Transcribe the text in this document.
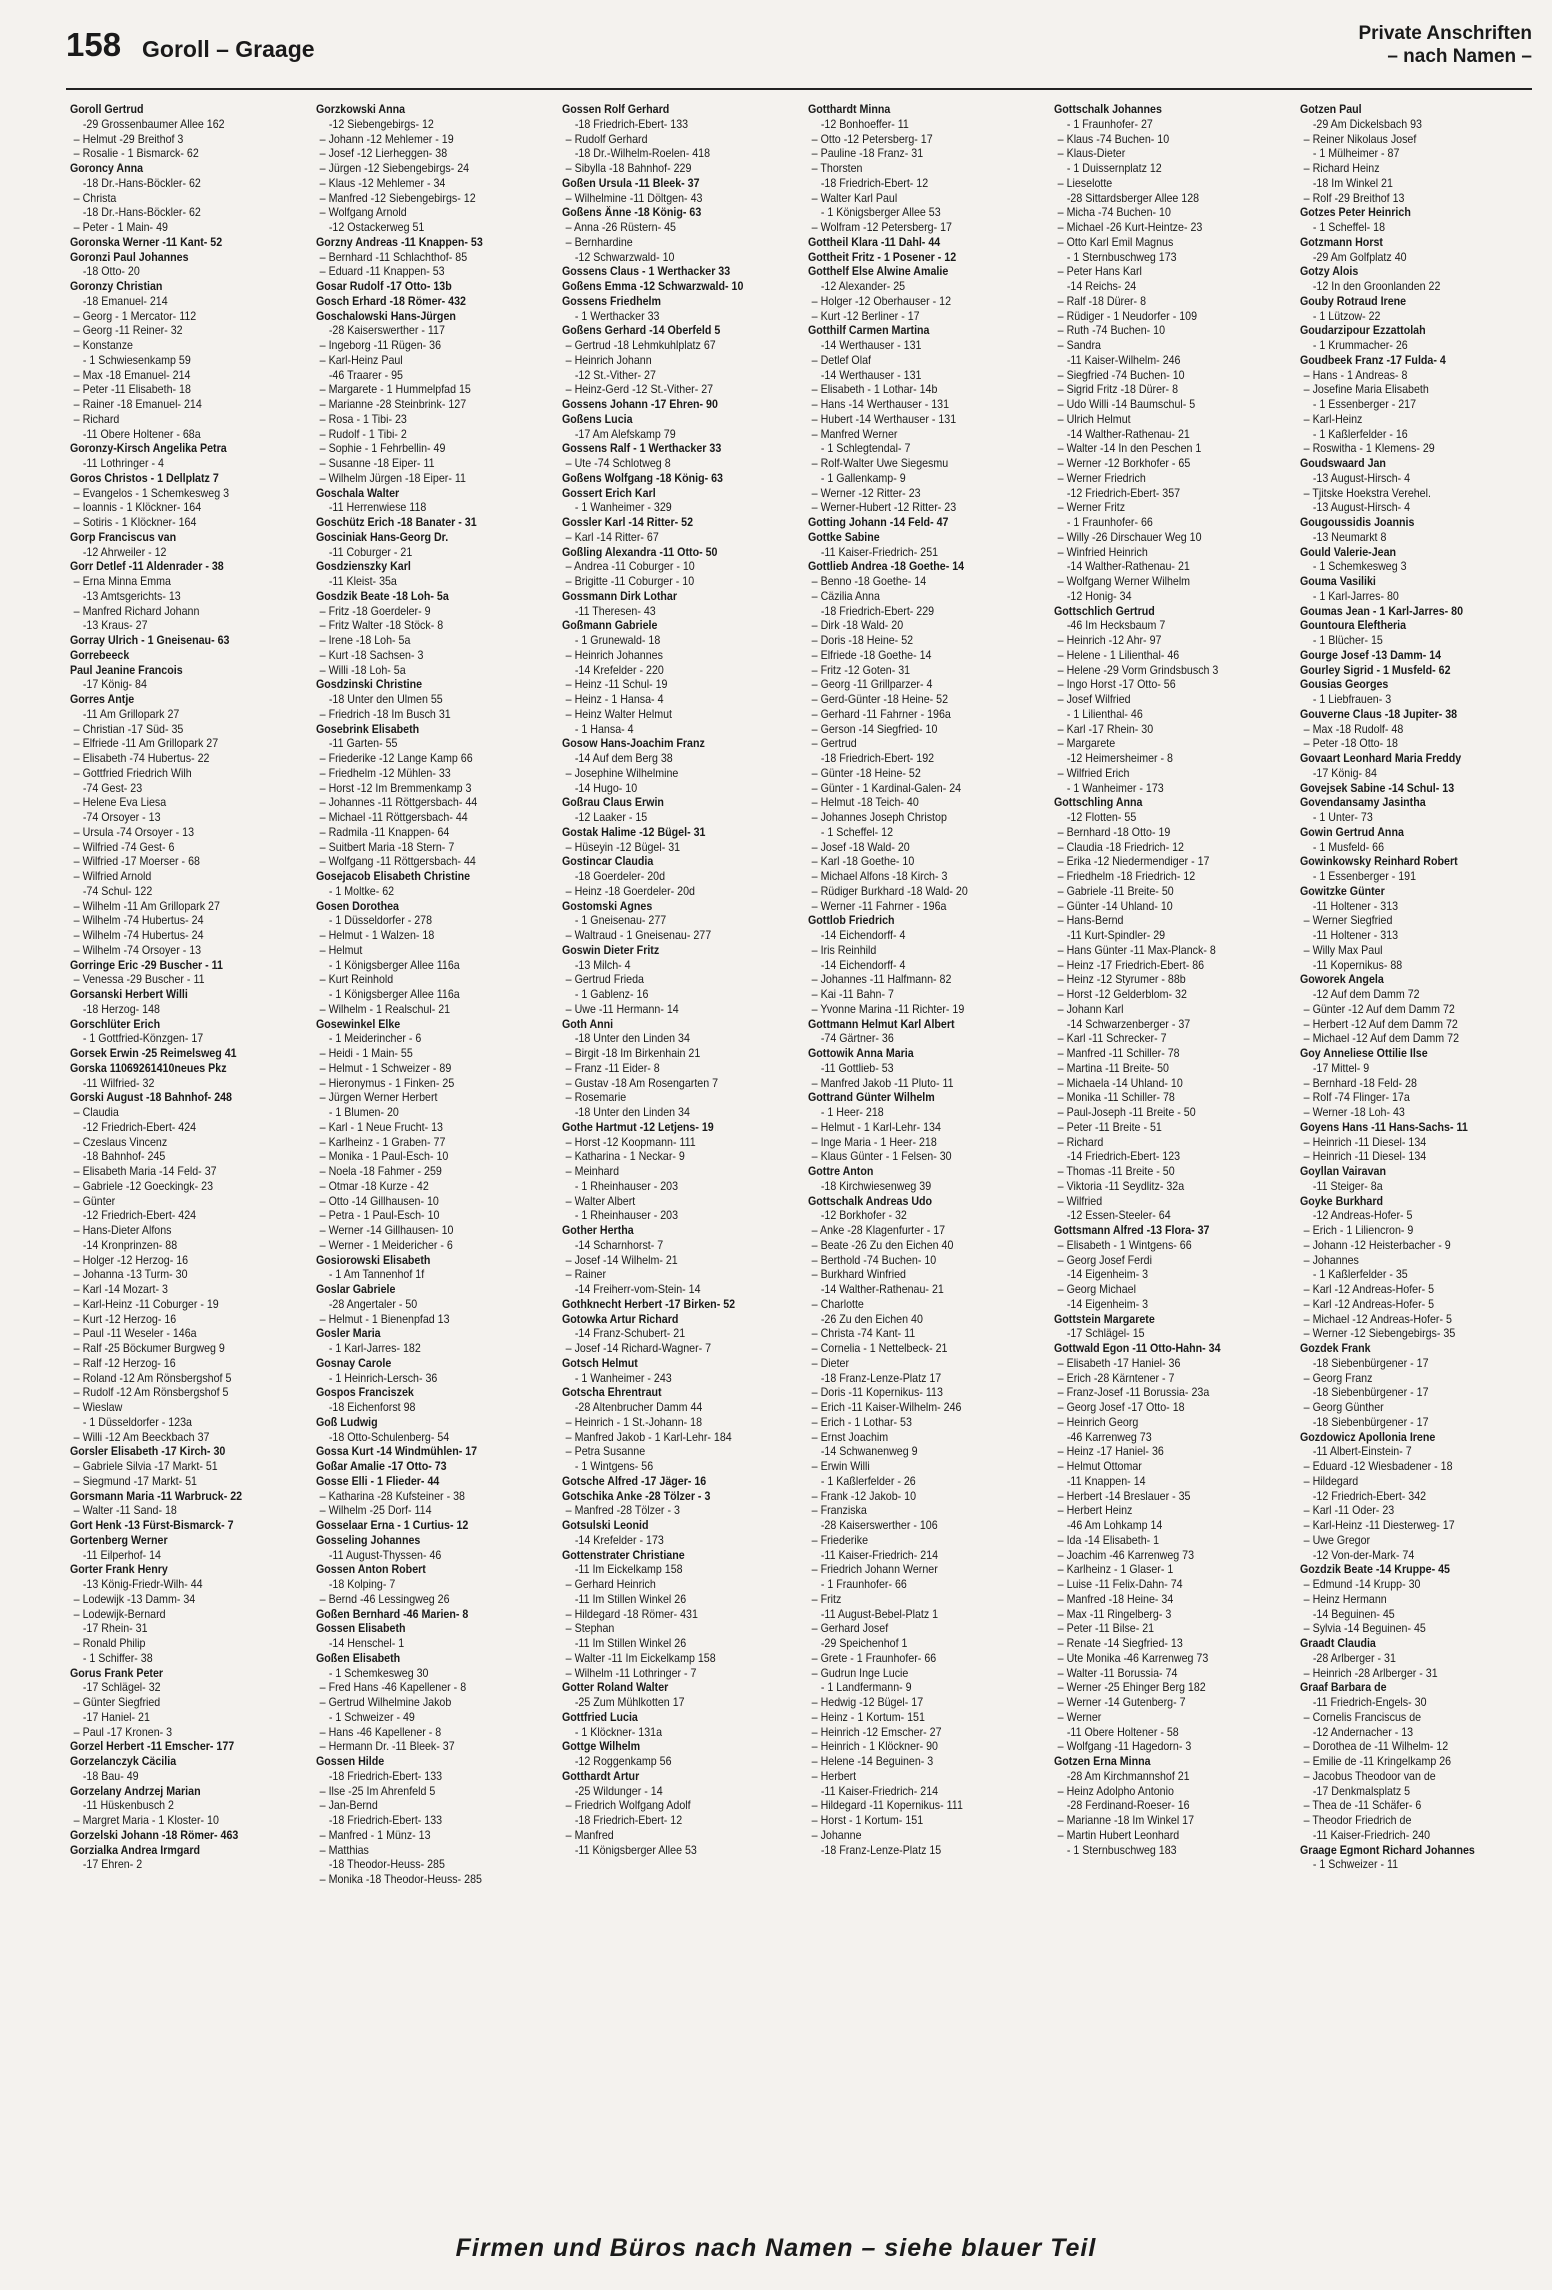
158 Goroll – Graage
Private Anschriften
– nach Namen –
Goroll Gertrud
-29 Grossenbaumer Allee 162
– Helmut -29 Breithof 3
– Rosalie - 1 Bismarck- 62
Goroncy Anna
-18 Dr.-Hans-Böckler- 62
– Christa
-18 Dr.-Hans-Böckler- 62
– Peter - 1 Main- 49
Goronska Werner -11 Kant- 52
Goronzi Paul Johannes
-18 Otto- 20
Goronzy Christian
-18 Emanuel- 214
– Georg - 1 Mercator- 112
– Georg -11 Reiner- 32
– Konstanze
- 1 Schwiesenkamp 59
– Max -18 Emanuel- 214
– Peter -11 Elisabeth- 18
– Rainer -18 Emanuel- 214
– Richard
-11 Obere Holtener - 68a
Goronzy-Kirsch Angelika Petra
-11 Lothringer - 4
Goros Christos - 1 Dellplatz 7
– Evangelos - 1 Schemkesweg 3
– Ioannis - 1 Klöckner- 164
– Sotiris - 1 Klöckner- 164
Gorp Franciscus van
-12 Ahrweiler - 12
Gorr Detlef -11 Aldenrader - 38
– Erna Minna Emma
-13 Amtsgerichts- 13
– Manfred Richard Johann
-13 Kraus- 27
Gorray Ulrich - 1 Gneisenau- 63
Gorrebeeck
Paul Jeanine Francois
-17 König- 84
Gorres Antje
-11 Am Grillopark 27
– Christian -17 Süd- 35
– Elfriede -11 Am Grillopark 27
– Elisabeth -74 Hubertus- 22
– Gottfried Friedrich Wilh
-74 Gest- 23
– Helene Eva Liesa
-74 Orsoyer - 13
– Ursula -74 Orsoyer - 13
– Wilfried -74 Gest- 6
– Wilfried -17 Moerser - 68
– Wilfried Arnold
-74 Schul- 122
– Wilhelm -11 Am Grillopark 27
– Wilhelm -74 Hubertus- 24
– Wilhelm -74 Hubertus- 24
– Wilhelm -74 Orsoyer - 13
Gorringe Eric -29 Buscher - 11
– Venessa -29 Buscher - 11
Gorsanski Herbert Willi
-18 Herzog- 148
Gorschlüter Erich
- 1 Gottfried-Könzgen- 17
Gorsek Erwin -25 Reimelsweg 41
Gorska 11069261410neues Pkz
-11 Wilfried- 32
Gorski August -18 Bahnhof- 248
– Claudia
-12 Friedrich-Ebert- 424
– Czeslaus Vincenz
-18 Bahnhof- 245
– Elisabeth Maria -14 Feld- 37
– Gabriele -12 Goeckingk- 23
– Günter
-12 Friedrich-Ebert- 424
– Hans-Dieter Alfons
-14 Kronprinzen- 88
– Holger -12 Herzog- 16
– Johanna -13 Turm- 30
– Karl -14 Mozart- 3
– Karl-Heinz -11 Coburger - 19
– Kurt -12 Herzog- 16
– Paul -11 Weseler - 146a
– Ralf -25 Böckumer Burgweg 9
– Ralf -12 Herzog- 16
– Roland -12 Am Rönsbergshof 5
– Rudolf -12 Am Rönsbergshof 5
– Wieslaw
- 1 Düsseldorfer - 123a
– Willi -12 Am Beeckbach 37
Gorsler Elisabeth -17 Kirch- 30
– Gabriele Silvia -17 Markt- 51
– Siegmund -17 Markt- 51
Gorsmann Maria -11 Warbruck- 22
– Walter -11 Sand- 18
Gort Henk -13 Fürst-Bismarck- 7
Gortenberg Werner
-11 Eilperhof- 14
Gorter Frank Henry
-13 König-Friedr-Wilh- 44
– Lodewijk -13 Damm- 34
– Lodewijk-Bernard
-17 Rhein- 31
– Ronald Philip
- 1 Schiffer- 38
Gorus Frank Peter
-17 Schlägel- 32
– Günter Siegfried
-17 Haniel- 21
– Paul -17 Kronen- 3
Gorzel Herbert -11 Emscher- 177
Gorzelanczyk Cäcilia
-18 Bau- 49
Gorzelany Andrzej Marian
-11 Hüskenbusch 2
– Margret Maria - 1 Kloster- 10
Gorzelski Johann -18 Römer- 463
Gorzialka Andrea Irmgard
-17 Ehren- 2
Gorzkowski Anna
-12 Siebengebirgs- 12
– Johann -12 Mehlemer - 19
– Josef -12 Lierheggen- 38
– Jürgen -12 Siebengebirgs- 24
– Klaus -12 Mehlemer - 34
– Manfred -12 Siebengebirgs- 12
– Wolfgang Arnold
-12 Ostackerweg 51
Gorzny Andreas -11 Knappen- 53
– Bernhard -11 Schlachthof- 85
– Eduard -11 Knappen- 53
Gosar Rudolf -17 Otto- 13b
Gosch Erhard -18 Römer- 432
Goschalowski Hans-Jürgen
-28 Kaiserswerther - 117
– Ingeborg -11 Rügen- 36
– Karl-Heinz Paul
-46 Traarer - 95
– Margarete - 1 Hummelpfad 15
– Marianne -28 Steinbrink- 127
– Rosa - 1 Tibi- 23
– Rudolf - 1 Tibi- 2
– Sophie - 1 Fehrbellin- 49
– Susanne -18 Eiper- 11
– Wilhelm Jürgen -18 Eiper- 11
Goschala Walter
-11 Herrenwiese 118
Goschütz Erich -18 Banater - 31
Gosciniak Hans-Georg Dr.
-11 Coburger - 21
Gosdzienszky Karl
-11 Kleist- 35a
Gosdzik Beate -18 Loh- 5a
– Fritz -18 Goerdeler- 9
– Fritz Walter -18 Stöck- 8
– Irene -18 Loh- 5a
– Kurt -18 Sachsen- 3
– Willi -18 Loh- 5a
Gosdzinski Christine
-18 Unter den Ulmen 55
– Friedrich -18 Im Busch 31
Gosebrink Elisabeth
-11 Garten- 55
– Friederike -12 Lange Kamp 66
– Friedhelm -12 Mühlen- 33
– Horst -12 Im Bremmenkamp 3
– Johannes -11 Röttgersbach- 44
– Michael -11 Röttgersbach- 44
– Radmila -11 Knappen- 64
– Suitbert Maria -18 Stern- 7
– Wolfgang -11 Röttgersbach- 44
Gosejacob Elisabeth Christine
- 1 Moltke- 62
Gosen Dorothea
- 1 Düsseldorfer - 278
– Helmut - 1 Walzen- 18
– Helmut
- 1 Königsberger Allee 116a
– Kurt Reinhold
- 1 Königsberger Allee 116a
– Wilhelm - 1 Realschul- 21
Gosewinkel Elke
- 1 Meiderincher - 6
– Heidi - 1 Main- 55
– Helmut - 1 Schweizer - 89
– Hieronymus - 1 Finken- 25
– Jürgen Werner Herbert
- 1 Blumen- 20
– Karl - 1 Neue Frucht- 13
– Karlheinz - 1 Graben- 77
– Monika - 1 Paul-Esch- 10
– Noela -18 Fahmer - 259
– Otmar -18 Kurze - 42
– Otto -14 Gillhausen- 10
– Petra - 1 Paul-Esch- 10
– Werner -14 Gillhausen- 10
– Werner - 1 Meidericher - 6
Gosiorowski Elisabeth
- 1 Am Tannenhof 1f
Goslar Gabriele
-28 Angertaler - 50
– Helmut - 1 Bienenpfad 13
Gosler Maria
- 1 Karl-Jarres- 182
Gosnay Carole
- 1 Heinrich-Lersch- 36
Gospos Franciszek
-18 Eichenforst 98
Goß Ludwig
-18 Otto-Schulenberg- 54
Gossa Kurt -14 Windmühlen- 17
Goßar Amalie -17 Otto- 73
Gosse Elli - 1 Flieder- 44
– Katharina -28 Kufsteiner - 38
– Wilhelm -25 Dorf- 114
Gosselaar Erna - 1 Curtius- 12
Gosseling Johannes
-11 August-Thyssen- 46
Gossen Anton Robert
-18 Kolping- 7
– Bernd -46 Lessingweg 26
Goßen Bernhard -46 Marien- 8
Gossen Elisabeth
-14 Henschel- 1
Goßen Elisabeth
- 1 Schemkesweg 30
– Fred Hans -46 Kapellener - 8
– Gertrud Wilhelmine Jakob
- 1 Schweizer - 49
– Hans -46 Kapellener - 8
– Hermann Dr. -11 Bleek- 37
Gossen Hilde
-18 Friedrich-Ebert- 133
– Ilse -25 Im Ahrenfeld 5
– Jan-Bernd
-18 Friedrich-Ebert- 133
– Manfred - 1 Münz- 13
– Matthias
-18 Theodor-Heuss- 285
– Monika -18 Theodor-Heuss- 285
Gossen Rolf Gerhard
-18 Friedrich-Ebert- 133
– Rudolf Gerhard
-18 Dr.-Wilhelm-Roelen- 418
– Sibylla -18 Bahnhof- 229
Goßen Ursula -11 Bleek- 37
– Wilhelmine -11 Döltgen- 43
Goßens Änne -18 König- 63
– Anna -26 Rüstern- 45
– Bernhardine
-12 Schwarzwald- 10
Gossens Claus - 1 Werthacker 33
Goßens Emma -12 Schwarzwald- 10
Gossens Friedhelm
- 1 Werthacker 33
Goßens Gerhard -14 Oberfeld 5
– Gertrud -18 Lehmkuhlplatz 67
– Heinrich Johann
-12 St.-Vither- 27
– Heinz-Gerd -12 St.-Vither- 27
Gossens Johann -17 Ehren- 90
Goßens Lucia
-17 Am Alefskamp 79
Gossens Ralf - 1 Werthacker 33
– Ute -74 Schlotweg 8
Goßens Wolfgang -18 König- 63
Gossert Erich Karl
- 1 Wanheimer - 329
Gossler Karl -14 Ritter- 52
– Karl -14 Ritter- 67
Goßling Alexandra -11 Otto- 50
– Andrea -11 Coburger - 10
– Brigitte -11 Coburger - 10
Gossmann Dirk Lothar
-11 Theresen- 43
Goßmann Gabriele
- 1 Grunewald- 18
– Heinrich Johannes
-14 Krefelder - 220
– Heinz -11 Schul- 19
– Heinz - 1 Hansa- 4
– Heinz Walter Helmut
- 1 Hansa- 4
Gosow Hans-Joachim Franz
-14 Auf dem Berg 38
– Josephine Wilhelmine
-14 Hugo- 10
Goßrau Claus Erwin
-12 Laaker - 15
Gostak Halime -12 Bügel- 31
– Hüseyin -12 Bügel- 31
Gostincar Claudia
-18 Goerdeler- 20d
– Heinz -18 Goerdeler- 20d
Gostomski Agnes
- 1 Gneisenau- 277
– Waltraud - 1 Gneisenau- 277
Goswin Dieter Fritz
-13 Milch- 4
– Gertrud Frieda
- 1 Gablenz- 16
– Uwe -11 Hermann- 14
Goth Anni
-18 Unter den Linden 34
– Birgit -18 Im Birkenhain 21
– Franz -11 Eider- 8
– Gustav -18 Am Rosengarten 7
– Rosemarie
-18 Unter den Linden 34
Gothe Hartmut -12 Letjens- 19
– Horst -12 Koopmann- 111
– Katharina - 1 Neckar- 9
– Meinhard
- 1 Rheinhauser - 203
– Walter Albert
- 1 Rheinhauser - 203
Gother Hertha
-14 Scharnhorst- 7
– Josef -14 Wilhelm- 21
– Rainer
-14 Freiherr-vom-Stein- 14
Gothknecht Herbert -17 Birken- 52
Gotowka Artur Richard
-14 Franz-Schubert- 21
– Josef -14 Richard-Wagner- 7
Gotsch Helmut
- 1 Wanheimer - 243
Gotscha Ehrentraut
-28 Altenbrucher Damm 44
– Heinrich - 1 St.-Johann- 18
– Manfred Jakob - 1 Karl-Lehr- 184
– Petra Susanne
- 1 Wintgens- 56
Gotsche Alfred -17 Jäger- 16
Gotschika Anke -28 Tölzer - 3
– Manfred -28 Tölzer - 3
Gotsulski Leonid
-14 Krefelder - 173
Gottenstrater Christiane
-11 Im Eickelkamp 158
– Gerhard Heinrich
-11 Im Stillen Winkel 26
– Hildegard -18 Römer- 431
– Stephan
-11 Im Stillen Winkel 26
– Walter -11 Im Eickelkamp 158
– Wilhelm -11 Lothringer - 7
Gotter Roland Walter
-25 Zum Mühlkotten 17
Gottfried Lucia
- 1 Klöckner- 131a
Gottge Wilhelm
-12 Roggenkamp 56
Gotthardt Artur
-25 Wildunger - 14
– Friedrich Wolfgang Adolf
-18 Friedrich-Ebert- 12
– Manfred
-11 Königsberger Allee 53
Gotthardt Minna
-12 Bonhoeffer- 11
– Otto -12 Petersberg- 17
– Pauline -18 Franz- 31
– Thorsten
-18 Friedrich-Ebert- 12
– Walter Karl Paul
- 1 Königsberger Allee 53
– Wolfram -12 Petersberg- 17
Gottheil Klara -11 Dahl- 44
Gottheit Fritz - 1 Posener - 12
Gotthelf Else Alwine Amalie
-12 Alexander- 25
– Holger -12 Oberhauser - 12
– Kurt -12 Berliner - 17
Gotthilf Carmen Martina
-14 Werthauser - 131
– Detlef Olaf
-14 Werthauser - 131
– Elisabeth - 1 Lothar- 14b
– Hans -14 Werthauser - 131
– Hubert -14 Werthauser - 131
– Manfred Werner
- 1 Schlegtendal- 7
– Rolf-Walter Uwe Siegesmu
- 1 Gallenkamp- 9
– Werner -12 Ritter- 23
– Werner-Hubert -12 Ritter- 23
Gotting Johann -14 Feld- 47
Gottke Sabine
-11 Kaiser-Friedrich- 251
Gottlieb Andrea -18 Goethe- 14
– Benno -18 Goethe- 14
– Cäzilia Anna
-18 Friedrich-Ebert- 229
– Dirk -18 Wald- 20
– Doris -18 Heine- 52
– Elfriede -18 Goethe- 14
– Fritz -12 Goten- 31
– Georg -11 Grillparzer- 4
– Gerd-Günter -18 Heine- 52
– Gerhard -11 Fahrner - 196a
– Gerson -14 Siegfried- 10
– Gertrud
-18 Friedrich-Ebert- 192
– Günter -18 Heine- 52
– Günter - 1 Kardinal-Galen- 24
– Helmut -18 Teich- 40
– Johannes Joseph Christop
- 1 Scheffel- 12
– Josef -18 Wald- 20
– Karl -18 Goethe- 10
– Michael Alfons -18 Kirch- 3
– Rüdiger Burkhard -18 Wald- 20
– Werner -11 Fahrner - 196a
Gottlob Friedrich
-14 Eichendorff- 4
– Iris Reinhild
-14 Eichendorff- 4
– Johannes -11 Halfmann- 82
– Kai -11 Bahn- 7
– Yvonne Marina -11 Richter- 19
Gottmann Helmut Karl Albert
-74 Gärtner- 36
Gottowik Anna Maria
-11 Gottlieb- 53
– Manfred Jakob -11 Pluto- 11
Gottrand Günter Wilhelm
- 1 Heer- 218
– Helmut - 1 Karl-Lehr- 134
– Inge Maria - 1 Heer- 218
– Klaus Günter - 1 Felsen- 30
Gottre Anton
-18 Kirchwiesenweg 39
Gottschalk Andreas Udo
-12 Borkhofer - 32
– Anke -28 Klagenfurter - 17
– Beate -26 Zu den Eichen 40
– Berthold -74 Buchen- 10
– Burkhard Winfried
-14 Walther-Rathenau- 21
– Charlotte
-26 Zu den Eichen 40
– Christa -74 Kant- 11
– Cornelia - 1 Nettelbeck- 21
– Dieter
-18 Franz-Lenze-Platz 17
– Doris -11 Kopernikus- 113
– Erich -11 Kaiser-Wilhelm- 246
– Erich - 1 Lothar- 53
– Ernst Joachim
-14 Schwanenweg 9
– Erwin Willi
- 1 Kaßlerfelder - 26
– Frank -12 Jakob- 10
– Franziska
-28 Kaiserswerther - 106
– Friederike
-11 Kaiser-Friedrich- 214
– Friedrich Johann Werner
- 1 Fraunhofer- 66
– Fritz
-11 August-Bebel-Platz 1
– Gerhard Josef
-29 Speichenhof 1
– Grete - 1 Fraunhofer- 66
– Gudrun Inge Lucie
- 1 Landfermann- 9
– Hedwig -12 Bügel- 17
– Heinz - 1 Kortum- 151
– Heinrich -12 Emscher- 27
– Heinrich - 1 Klöckner- 90
– Helene -14 Beguinen- 3
– Herbert
-11 Kaiser-Friedrich- 214
– Hildegard -11 Kopernikus- 111
– Horst - 1 Kortum- 151
– Johanne
-18 Franz-Lenze-Platz 15
Gottschalk Johannes
- 1 Fraunhofer- 27
– Klaus -74 Buchen- 10
– Klaus-Dieter
- 1 Duissernplatz 12
– Lieselotte
-28 Sittardsberger Allee 128
– Micha -74 Buchen- 10
– Michael -26 Kurt-Heintze- 23
– Otto Karl Emil Magnus
- 1 Sternbuschweg 173
– Peter Hans Karl
-14 Reichs- 24
– Ralf -18 Dürer- 8
– Rüdiger - 1 Neudorfer - 109
– Ruth -74 Buchen- 10
– Sandra
-11 Kaiser-Wilhelm- 246
– Siegfried -74 Buchen- 10
– Sigrid Fritz -18 Dürer- 8
– Udo Willi -14 Baumschul- 5
– Ulrich Helmut
-14 Walther-Rathenau- 21
– Walter -14 In den Peschen 1
– Werner -12 Borkhofer - 65
– Werner Friedrich
-12 Friedrich-Ebert- 357
– Werner Fritz
- 1 Fraunhofer- 66
– Willy -26 Dirschauer Weg 10
– Winfried Heinrich
-14 Walther-Rathenau- 21
– Wolfgang Werner Wilhelm
-12 Honig- 34
Gottschlich Gertrud
-46 Im Hecksbaum 7
– Heinrich -12 Ahr- 97
– Helene - 1 Lilienthal- 46
– Helene -29 Vorm Grindsbusch 3
– Ingo Horst -17 Otto- 56
– Josef Wilfried
- 1 Lilienthal- 46
– Karl -17 Rhein- 30
– Margarete
-12 Heimersheimer - 8
– Wilfried Erich
- 1 Wanheimer - 173
Gottschling Anna
-12 Flotten- 55
– Bernhard -18 Otto- 19
– Claudia -18 Friedrich- 12
– Erika -12 Niedermendiger - 17
– Friedhelm -18 Friedrich- 12
– Gabriele -11 Breite- 50
– Günter -14 Uhland- 10
– Hans-Bernd
-11 Kurt-Spindler- 29
– Hans Günter -11 Max-Planck- 8
– Heinz -17 Friedrich-Ebert- 86
– Heinz -12 Styrumer - 88b
– Horst -12 Gelderblom- 32
– Johann Karl
-14 Schwarzenberger - 37
– Karl -11 Schrecker- 7
– Manfred -11 Schiller- 78
– Martina -11 Breite- 50
– Michaela -14 Uhland- 10
– Monika -11 Schiller- 78
– Paul-Joseph -11 Breite - 50
– Peter -11 Breite - 51
– Richard
-14 Friedrich-Ebert- 123
– Thomas -11 Breite - 50
– Viktoria -11 Seydlitz- 32a
– Wilfried
-12 Essen-Steeler- 64
Gottsmann Alfred -13 Flora- 37
– Elisabeth - 1 Wintgens- 66
– Georg Josef Ferdi
-14 Eigenheim- 3
– Georg Michael
-14 Eigenheim- 3
Gottstein Margarete
-17 Schlägel- 15
Gottwald Egon -11 Otto-Hahn- 34
– Elisabeth -17 Haniel- 36
– Erich -28 Kärntener - 7
– Franz-Josef -11 Borussia- 23a
– Georg Josef -17 Otto- 18
– Heinrich Georg
-46 Karrenweg 73
– Heinz -17 Haniel- 36
– Helmut Ottomar
-11 Knappen- 14
– Herbert -14 Breslauer - 35
– Herbert Heinz
-46 Am Lohkamp 14
– Ida -14 Elisabeth- 1
– Joachim -46 Karrenweg 73
– Karlheinz - 1 Glaser- 1
– Luise -11 Felix-Dahn- 74
– Manfred -18 Heine- 34
– Max -11 Ringelberg- 3
– Peter -11 Bilse- 21
– Renate -14 Siegfried- 13
– Ute Monika -46 Karrenweg 73
– Walter -11 Borussia- 74
– Werner -25 Ehinger Berg 182
– Werner -14 Gutenberg- 7
– Werner
-11 Obere Holtener - 58
– Wolfgang -11 Hagedorn- 3
Gotzen Erna Minna
-28 Am Kirchmannshof 21
– Heinz Adolpho Antonio
-28 Ferdinand-Roeser- 16
– Marianne -18 Im Winkel 17
– Martin Hubert Leonhard
- 1 Sternbuschweg 183
Gotzen Paul
-29 Am Dickelsbach 93
– Reiner Nikolaus Josef
- 1 Mülheimer - 87
– Richard Heinz
-18 Im Winkel 21
– Rolf -29 Breithof 13
Gotzes Peter Heinrich
- 1 Scheffel- 18
Gotzmann Horst
-29 Am Golfplatz 40
Gotzy Alois
-12 In den Groonlanden 22
Gouby Rotraud Irene
- 1 Lützow- 22
Goudarzipour Ezzattolah
- 1 Krummacher- 26
Goudbeek Franz -17 Fulda- 4
– Hans - 1 Andreas- 8
– Josefine Maria Elisabeth
- 1 Essenberger - 217
– Karl-Heinz
- 1 Kaßlerfelder - 16
– Roswitha - 1 Klemens- 29
Goudswaard Jan
-13 August-Hirsch- 4
– Tjitske Hoekstra Verehel.
-13 August-Hirsch- 4
Gougoussidis Joannis
-13 Neumarkt 8
Gould Valerie-Jean
- 1 Schemkesweg 3
Gouma Vasiliki
- 1 Karl-Jarres- 80
Goumas Jean - 1 Karl-Jarres- 80
Gountoura Eleftheria
- 1 Blücher- 15
Gourge Josef -13 Damm- 14
Gourley Sigrid - 1 Musfeld- 62
Gousias Georges
- 1 Liebfrauen- 3
Gouverne Claus -18 Jupiter- 38
– Max -18 Rudolf- 48
– Peter -18 Otto- 18
Govaart Leonhard Maria Freddy
-17 König- 84
Govejsek Sabine -14 Schul- 13
Govendansamy Jasintha
- 1 Unter- 73
Gowin Gertrud Anna
- 1 Musfeld- 66
Gowinkowsky Reinhard Robert
- 1 Essenberger - 191
Gowitzke Günter
-11 Holtener - 313
– Werner Siegfried
-11 Holtener - 313
– Willy Max Paul
-11 Kopernikus- 88
Goworek Angela
-12 Auf dem Damm 72
– Günter -12 Auf dem Damm 72
– Herbert -12 Auf dem Damm 72
– Michael -12 Auf dem Damm 72
Goy Anneliese Ottilie Ilse
-17 Mittel- 9
– Bernhard -18 Feld- 28
– Rolf -74 Flinger- 17a
– Werner -18 Loh- 43
Goyens Hans -11 Hans-Sachs- 11
– Heinrich -11 Diesel- 134
– Heinrich -11 Diesel- 134
Goyllan Vairavan
-11 Steiger- 8a
Goyke Burkhard
-12 Andreas-Hofer- 5
– Erich - 1 Liliencron- 9
– Johann -12 Heisterbacher - 9
– Johannes
- 1 Kaßlerfelder - 35
– Karl -12 Andreas-Hofer- 5
– Karl -12 Andreas-Hofer- 5
– Michael -12 Andreas-Hofer- 5
– Werner -12 Siebengebirgs- 35
Gozdek Frank
-18 Siebenbürgener - 17
– Georg Franz
-18 Siebenbürgener - 17
– Georg Günther
-18 Siebenbürgener - 17
Gozdowicz Apollonia Irene
-11 Albert-Einstein- 7
– Eduard -12 Wiesbadener - 18
– Hildegard
-12 Friedrich-Ebert- 342
– Karl -11 Oder- 23
– Karl-Heinz -11 Diesterweg- 17
– Uwe Gregor
-12 Von-der-Mark- 74
Gozdzik Beate -14 Kruppe- 45
– Edmund -14 Krupp- 30
– Heinz Hermann
-14 Beguinen- 45
– Sylvia -14 Beguinen- 45
Graadt Claudia
-28 Arlberger - 31
– Heinrich -28 Arlberger - 31
Graaf Barbara de
-11 Friedrich-Engels- 30
– Cornelis Franciscus de
-12 Andernacher - 13
– Dorothea de -11 Wilhelm- 12
– Emilie de -11 Kringelkamp 26
– Jacobus Theodoor van de
-17 Denkmalsplatz 5
– Thea de -11 Schäfer- 6
– Theodor Friedrich de
-11 Kaiser-Friedrich- 240
Graage Egmont Richard Johannes
- 1 Schweizer - 11
Firmen und Büros nach Namen – siehe blauer Teil
